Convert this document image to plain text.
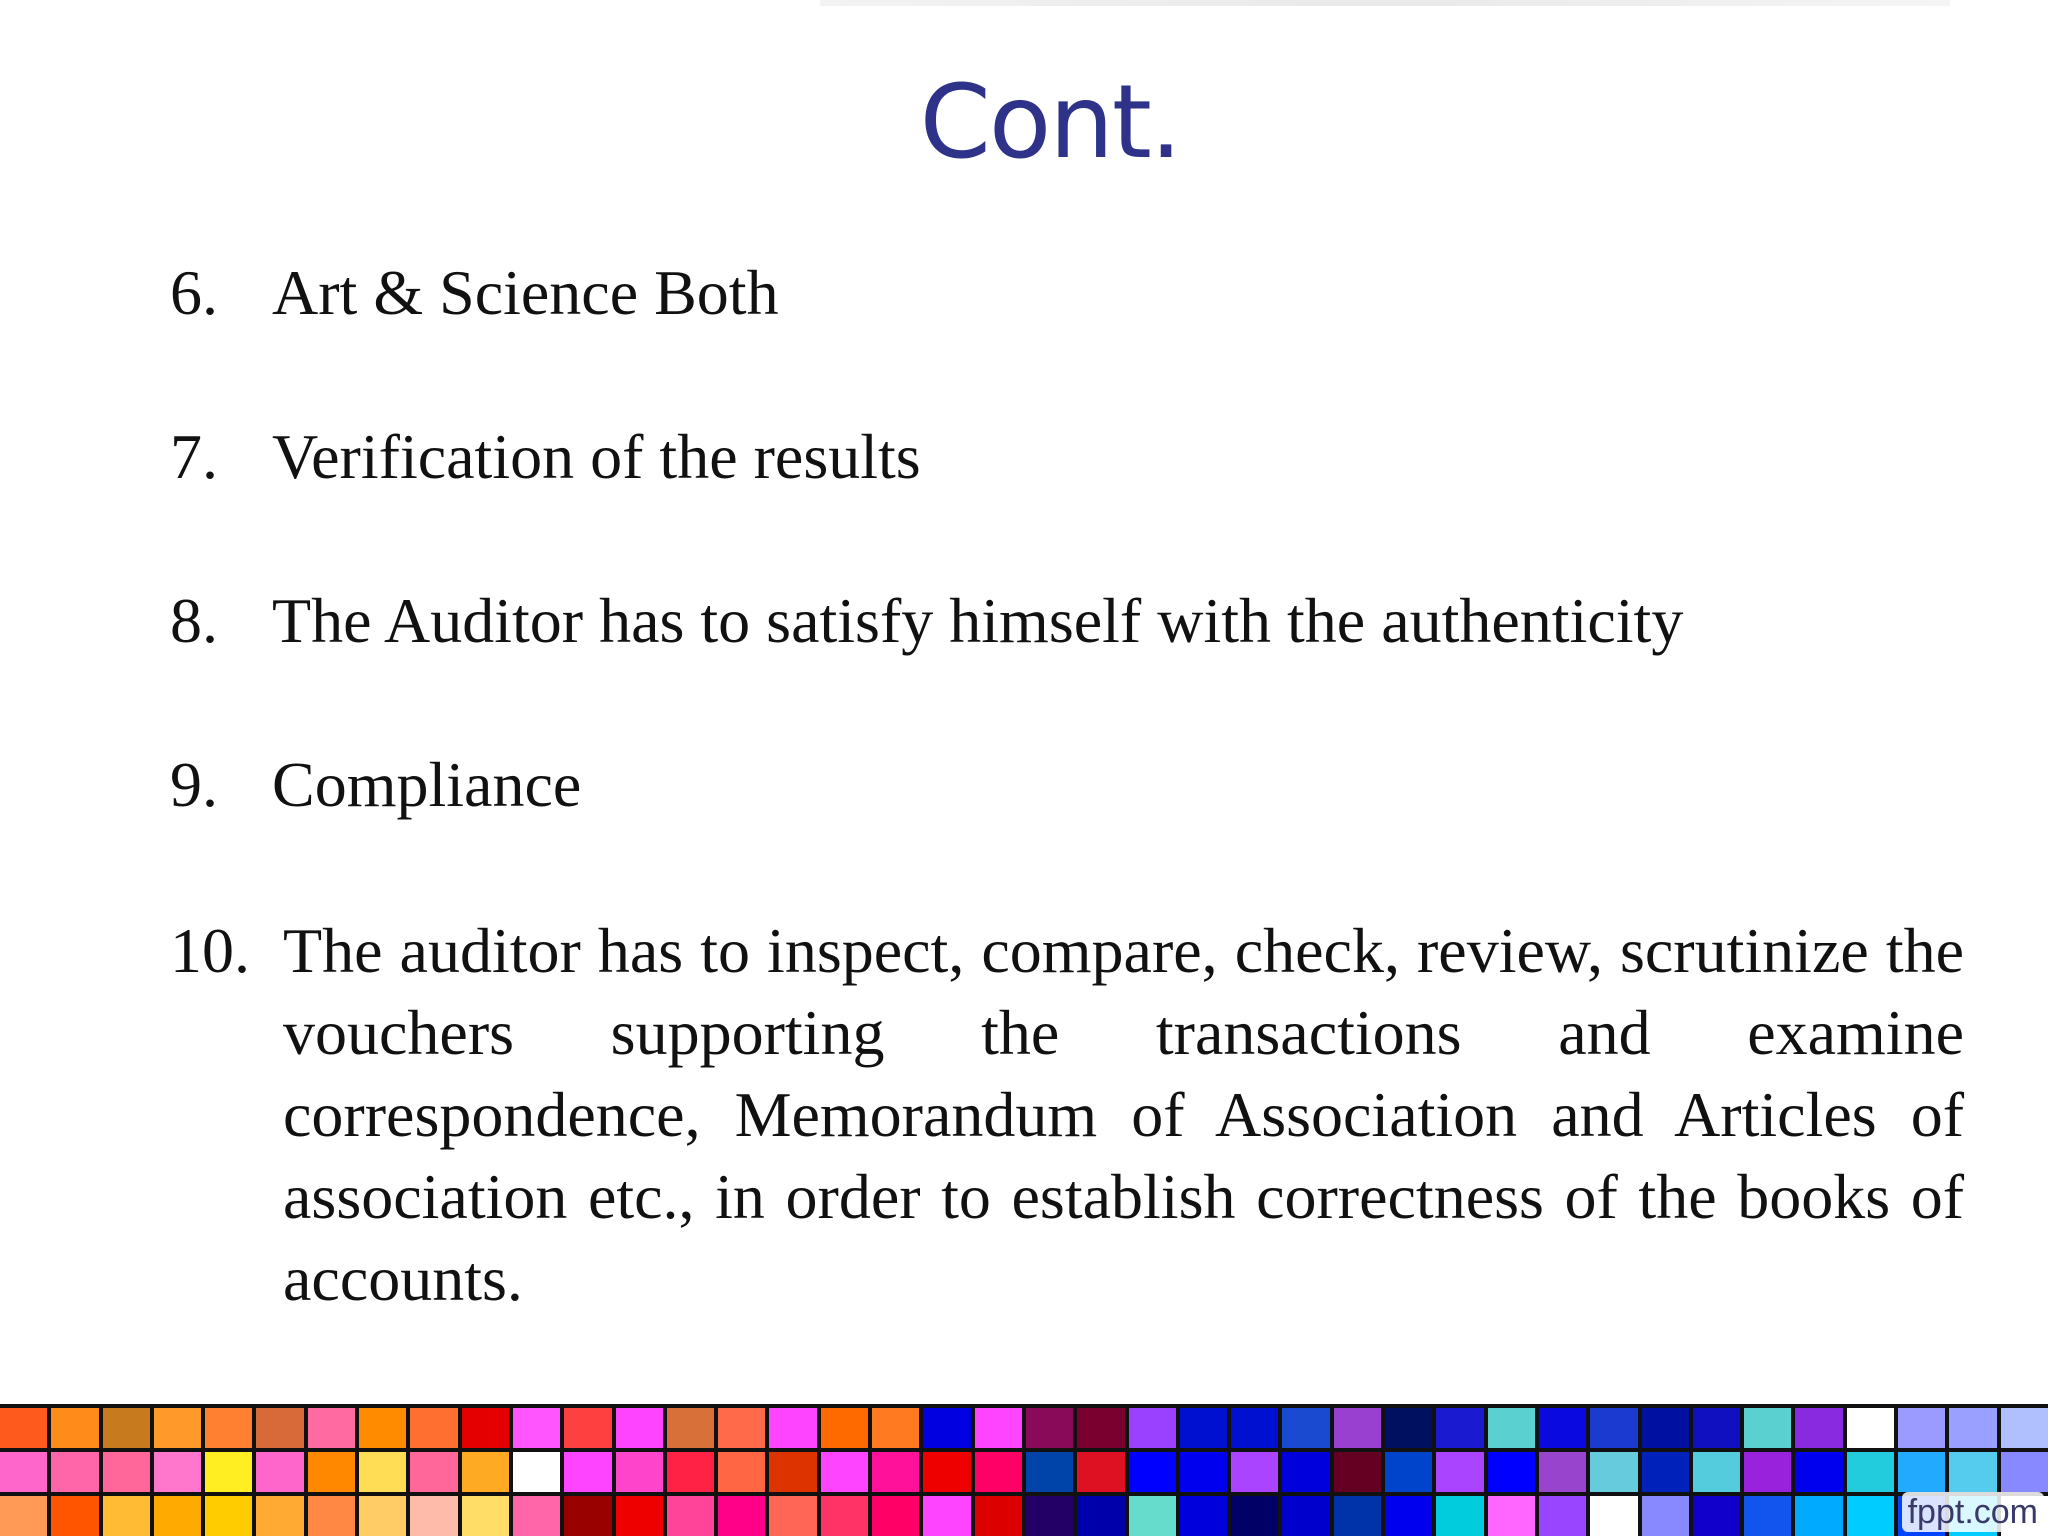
Cont.
6. Art & Science Both
7. Verification of the results
8. The Auditor has to satisfy himself with the authenticity
9. Compliance
10. The auditor has to inspect, compare, check, review, scrutinize the vouchers supporting the transactions and examine correspondence, Memorandum of Association and Articles of association etc., in order to establish correctness of the books of accounts.
fppt.com
